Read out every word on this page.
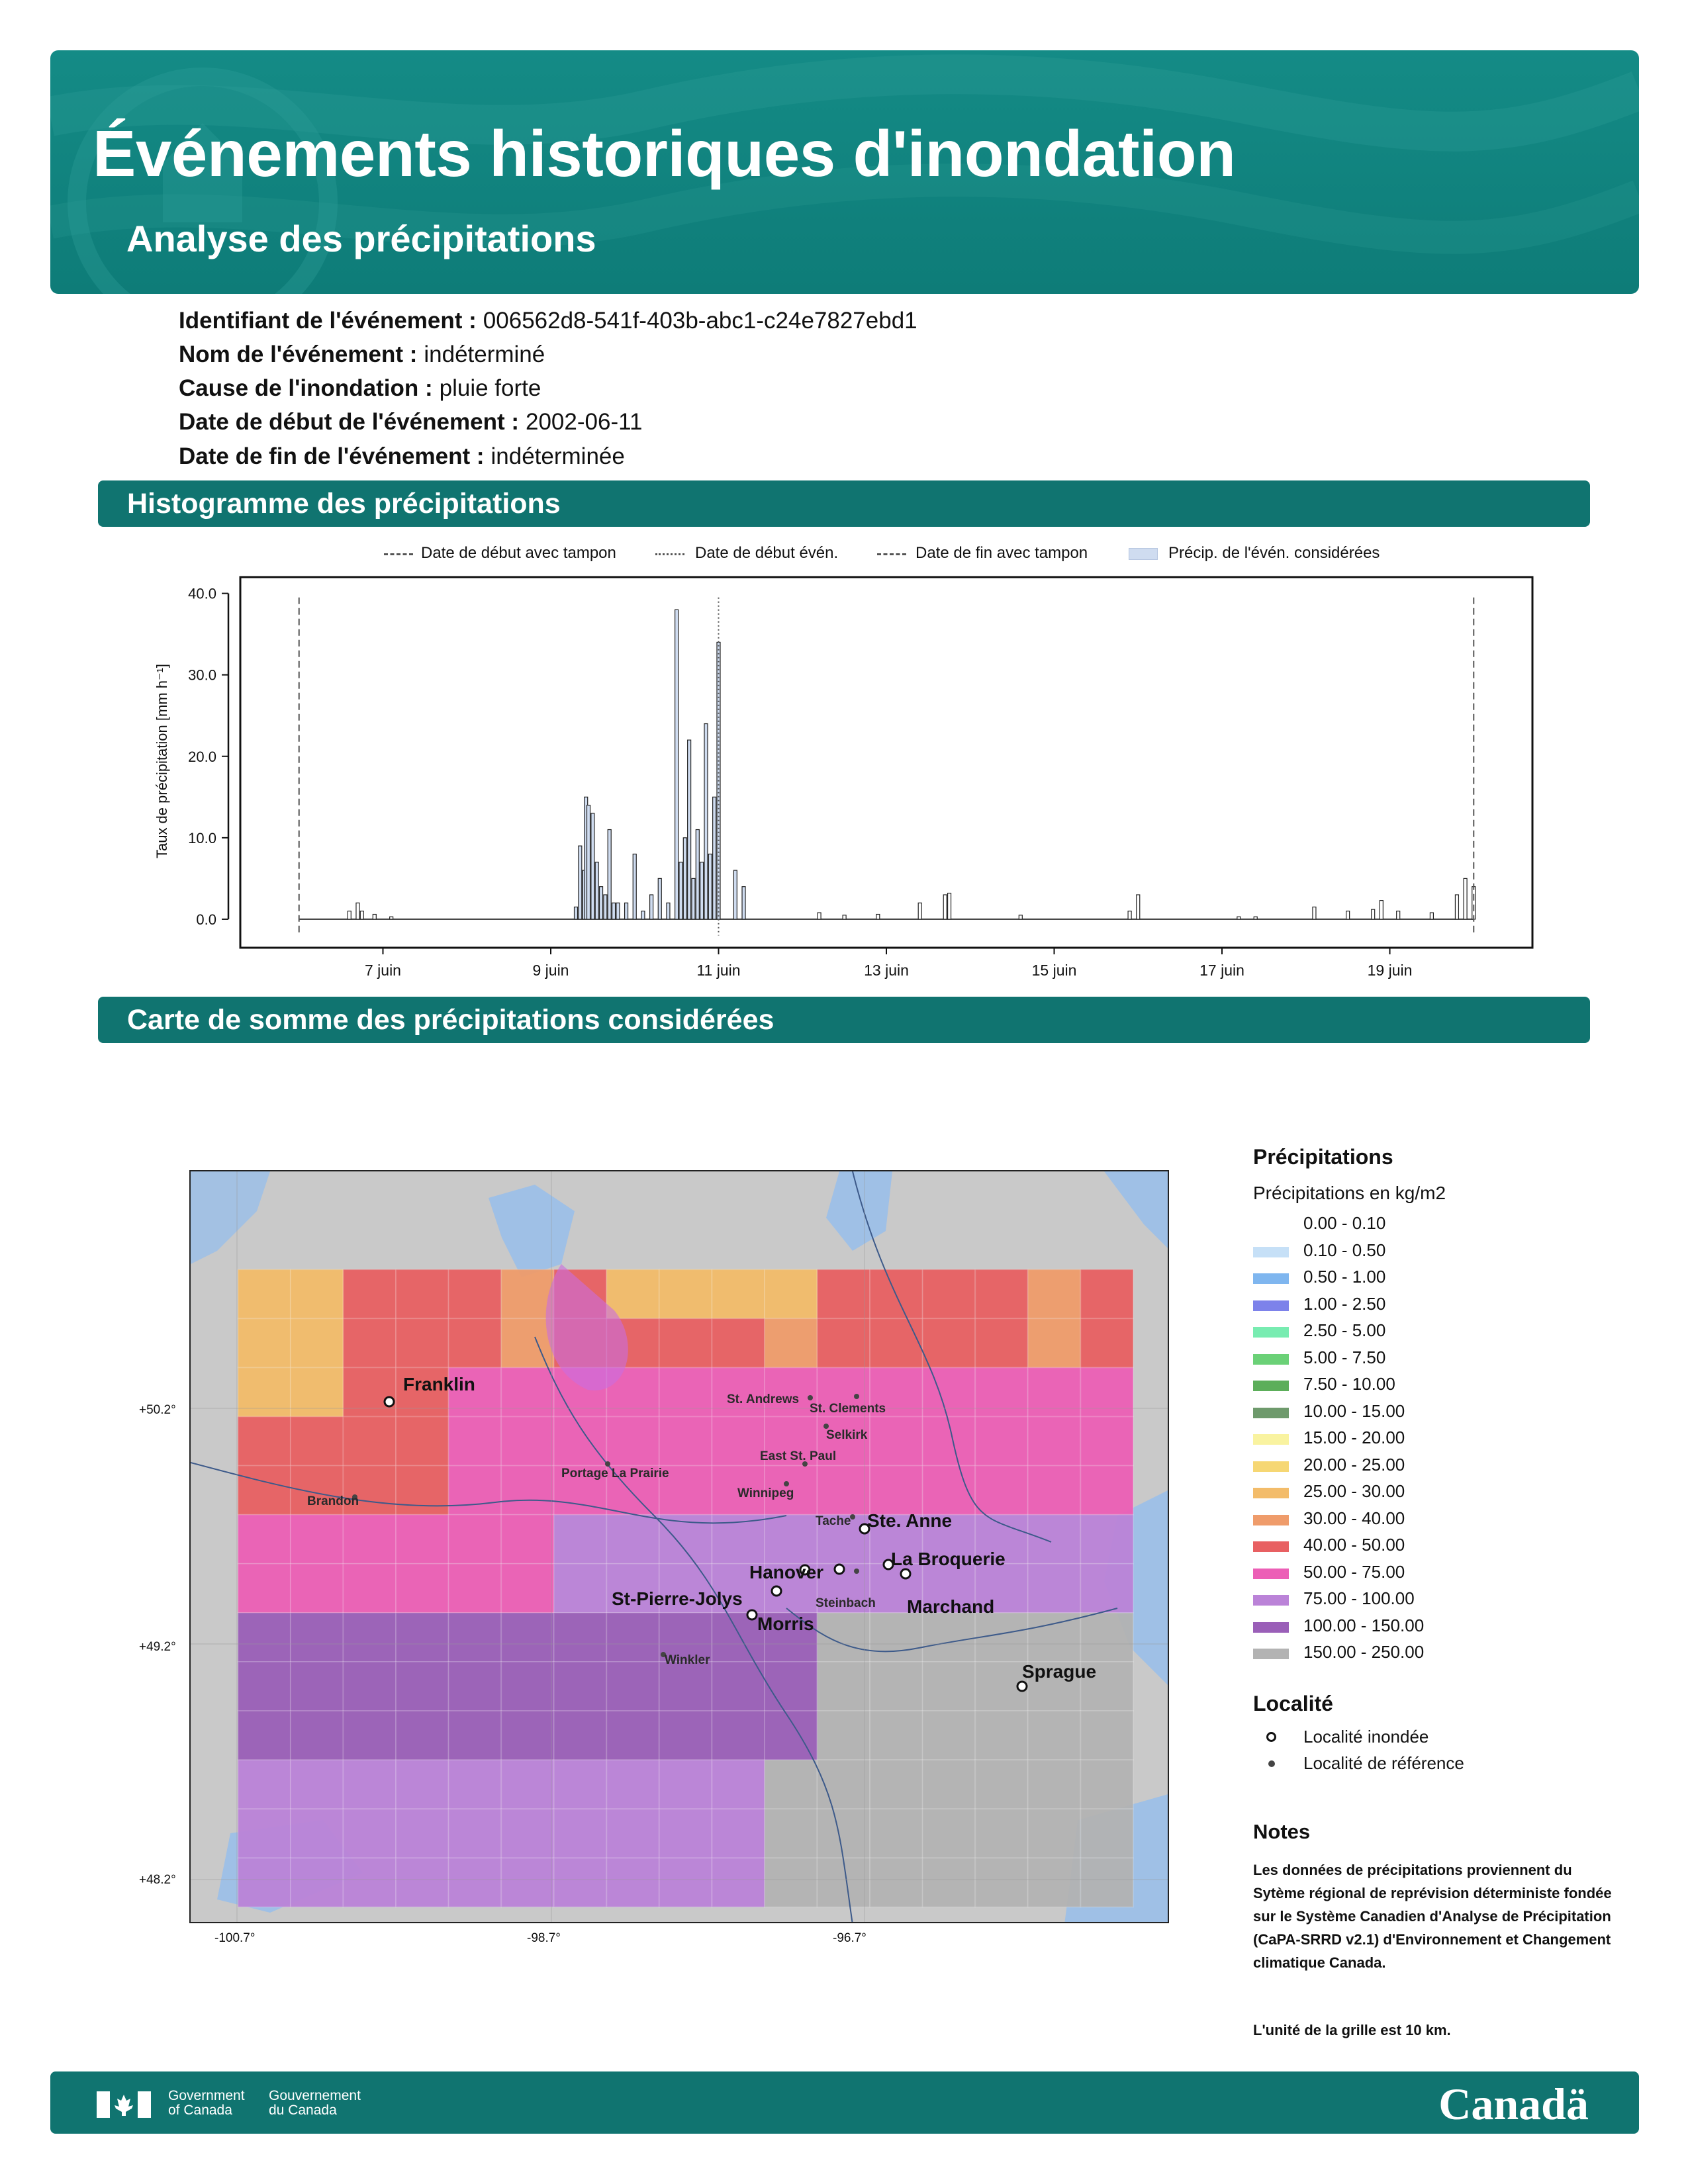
Événements historiques d'inondation
Analyse des précipitations
Identifiant de l'événement : 006562d8-541f-403b-abc1-c24e7827ebd1
Nom de l'événement : indéterminé
Cause de l'inondation : pluie forte
Date de début de l'événement : 2002-06-11
Date de fin de l'événement : indéterminée
Histogramme des précipitations
Date de début avec tampon	Date de début évén.	Date de fin avec tampon	Précip. de l'évén. considérées
0.0
10.0
20.0
30.0
40.0
7 juin	9 juin	11 juin	13 juin	15 juin	17 juin	19 juin
Taux de précipitation [mm h⁻¹]
Carte de somme des précipitations considérées
Franklin
Ste. Anne
La Broquerie
Hanover
St-Pierre-Jolys
Morris
Marchand
Sprague
St. Andrews
St. Clements
Selkirk
East St. Paul
Portage La Prairie
Winnipeg
Brandon
Tache
Steinbach
Winkler
+50.2°
+49.2°
+48.2°
-100.7°	-98.7°	-96.7°
Précipitations
Précipitations en kg/m2
0.00 - 0.10
0.10 - 0.50
0.50 - 1.00
1.00 - 2.50
2.50 - 5.00
5.00 - 7.50
7.50 - 10.00
10.00 - 15.00
15.00 - 20.00
20.00 - 25.00
25.00 - 30.00
30.00 - 40.00
40.00 - 50.00
50.00 - 75.00
75.00 - 100.00
100.00 - 150.00
150.00 - 250.00
Localité
Localité inondée
Localité de référence
Notes
Les données de précipitations proviennent du Sytème régional de reprévision déterministe fondée sur le Système Canadien d'Analyse de Précipitation (CaPA-SRRD v2.1) d'Environnement et Changement climatique Canada.
L'unité de la grille est 10 km.
Government
of Canada
Gouvernement
du Canada	Canadä
